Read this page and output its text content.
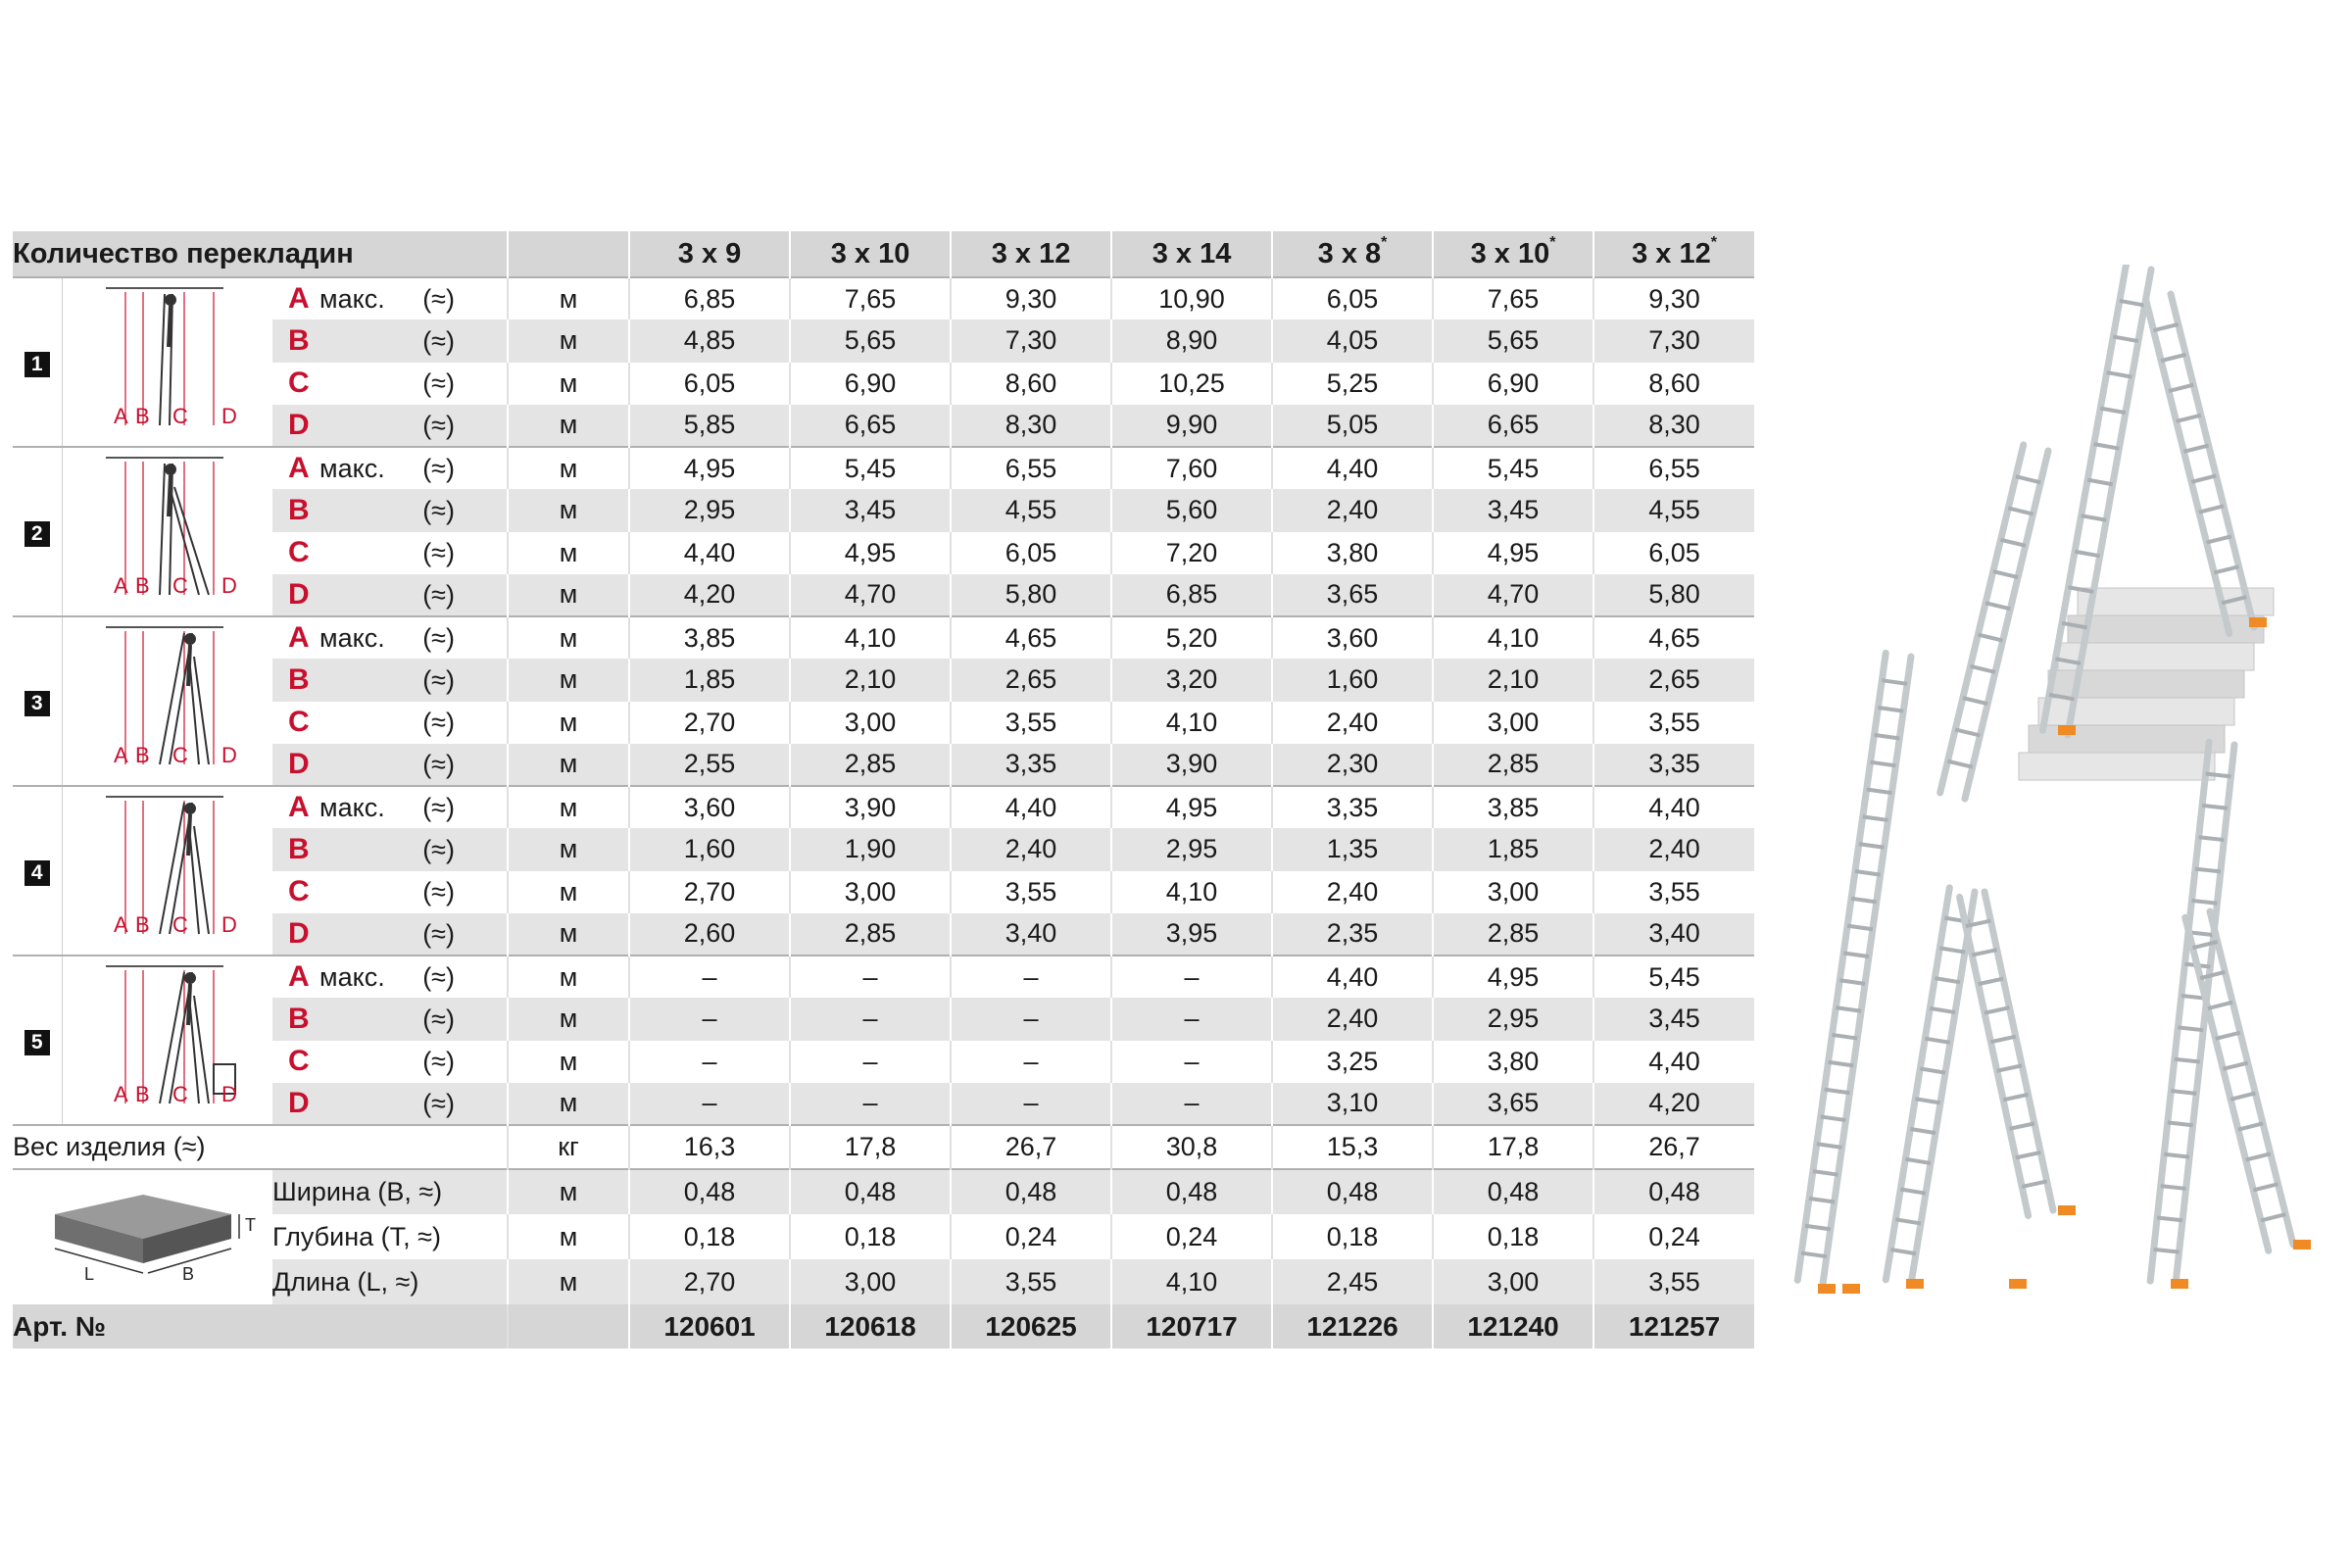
Количество перекладин				3 x 9	3 x 10	3 x 12	3 x 14	3 x 8*	3 x 10*	3 x 12*
1	A B C D	A макс. (≈)	м	6,85	7,65	9,30	10,90	6,05	7,65	9,30
		B (≈)	м	4,85	5,65	7,30	8,90	4,05	5,65	7,30
		C (≈)	м	6,05	6,90	8,60	10,25	5,25	6,90	8,60
		D (≈)	м	5,85	6,65	8,30	9,90	5,05	6,65	8,30
2	A B C D	A макс. (≈)	м	4,95	5,45	6,55	7,60	4,40	5,45	6,55
		B (≈)	м	2,95	3,45	4,55	5,60	2,40	3,45	4,55
		C (≈)	м	4,40	4,95	6,05	7,20	3,80	4,95	6,05
		D (≈)	м	4,20	4,70	5,80	6,85	3,65	4,70	5,80
3	A B C D	A макс. (≈)	м	3,85	4,10	4,65	5,20	3,60	4,10	4,65
		B (≈)	м	1,85	2,10	2,65	3,20	1,60	2,10	2,65
		C (≈)	м	2,70	3,00	3,55	4,10	2,40	3,00	3,55
		D (≈)	м	2,55	2,85	3,35	3,90	2,30	2,85	3,35
4	A B C D	A макс. (≈)	м	3,60	3,90	4,40	4,95	3,35	3,85	4,40
		B (≈)	м	1,60	1,90	2,40	2,95	1,35	1,85	2,40
		C (≈)	м	2,70	3,00	3,55	4,10	2,40	3,00	3,55
		D (≈)	м	2,60	2,85	3,40	3,95	2,35	2,85	3,40
5	A B C D	A макс. (≈)	м	–	–	–	–	4,40	4,95	5,45
		B (≈)	м	–	–	–	–	2,40	2,95	3,45
		C (≈)	м	–	–	–	–	3,25	3,80	4,40
		D (≈)	м	–	–	–	–	3,10	3,65	4,20
Вес изделия (≈)			кг	16,3	17,8	26,7	30,8	15,3	17,8	26,7

T
L B		Ширина (B, ≈)	м	0,48	0,48	0,48	0,48	0,48	0,48	0,48
		Глубина (T, ≈)	м	0,18	0,18	0,24	0,24	0,18	0,18	0,24
		Длина (L, ≈)	м	2,70	3,00	3,55	4,10	2,45	3,00	3,55
Арт. №				120601	120618	120625	120717	121226	121240	121257
